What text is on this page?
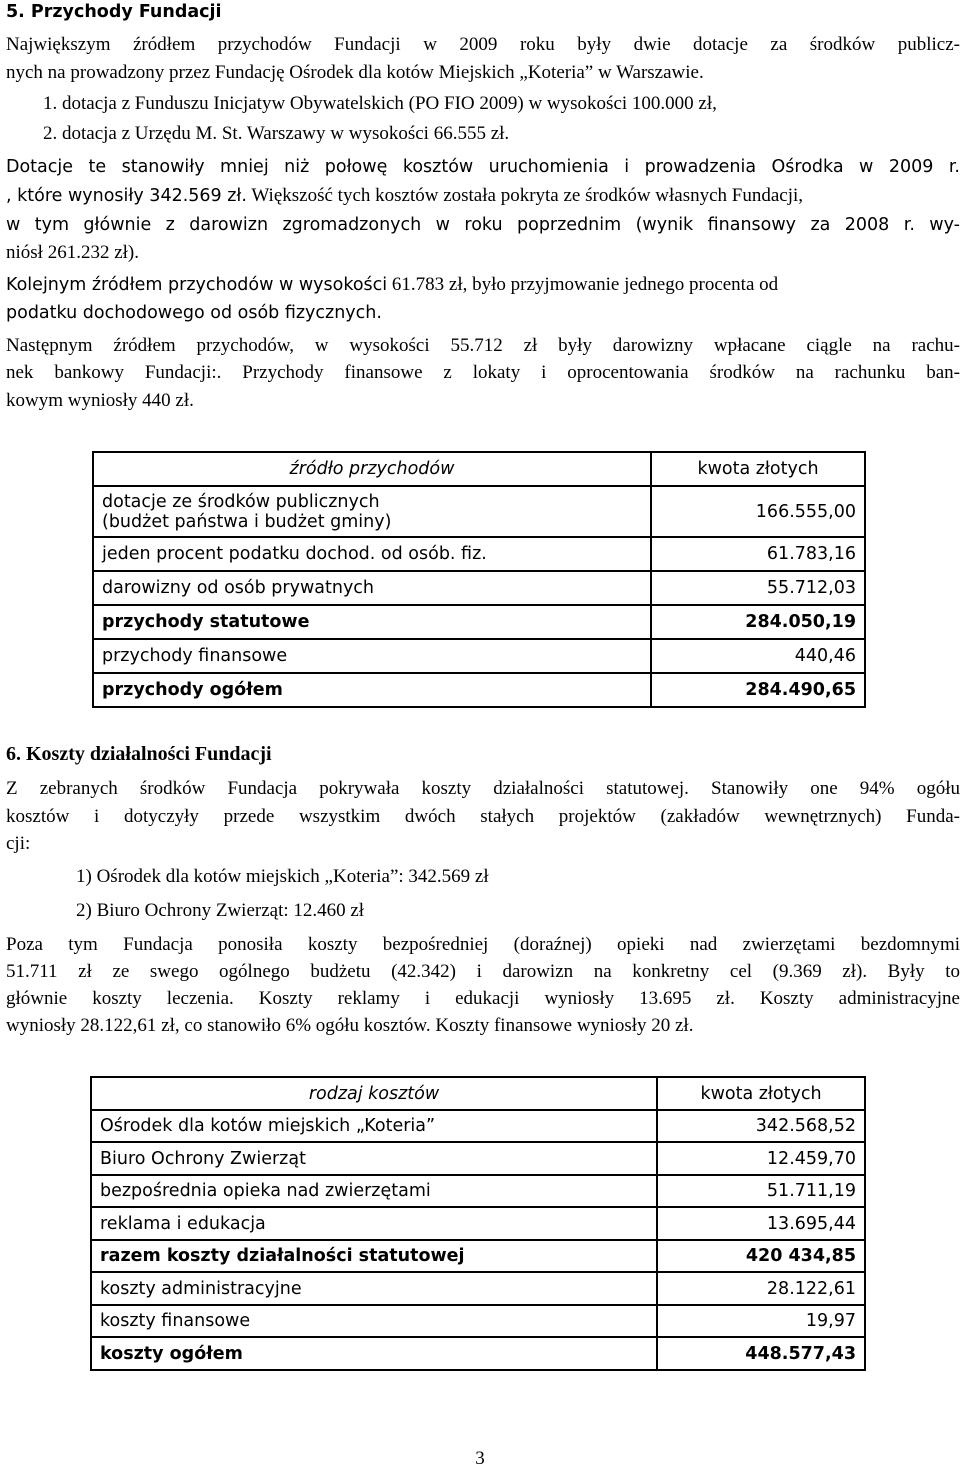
5. Przychody Fundacji
Największym źródłem przychodów Fundacji w 2009 roku były dwie dotacje za środków publicz-
nych na prowadzony przez Fundację Ośrodek dla kotów Miejskich „Koteria” w Warszawie.
1. dotacja z Funduszu Inicjatyw Obywatelskich (PO FIO 2009) w wysokości 100.000 zł,
2. dotacja z Urzędu M. St. Warszawy w wysokości 66.555 zł.
Dotacje te stanowiły mniej niż połowę kosztów uruchomienia i prowadzenia Ośrodka w 2009 r.
, które wynosiły 342.569 zł. Większość tych kosztów została pokryta ze środków własnych Fundacji,
w tym głównie z darowizn zgromadzonych w roku poprzednim (wynik finansowy za 2008 r. wy-
niósł 261.232 zł).
Kolejnym źródłem przychodów w wysokości 61.783 zł, było przyjmowanie jednego procenta od
podatku dochodowego od osób fizycznych.
Następnym źródłem przychodów, w wysokości 55.712 zł były darowizny wpłacane ciągle na rachu-
nek bankowy Fundacji:. Przychody finansowe z lokaty i oprocentowania środków na rachunku ban-
kowym wyniosły 440 zł.
źródło przychodów	kwota złotych

dotacje ze środków publicznych
(budżet państwa i budżet gminy)	166.555,00
jeden procent podatku dochod. od osób. fiz.	61.783,16
darowizny od osób prywatnych	55.712,03
przychody statutowe	284.050,19
przychody finansowe	440,46
przychody ogółem	284.490,65
6. Koszty działalności Fundacji
Z zebranych środków Fundacja pokrywała koszty działalności statutowej. Stanowiły one 94% ogółu
kosztów i dotyczyły przede wszystkim dwóch stałych projektów (zakładów wewnętrznych) Funda-
cji:
1) Ośrodek dla kotów miejskich „Koteria”: 342.569 zł
2) Biuro Ochrony Zwierząt: 12.460 zł
Poza tym Fundacja ponosiła koszty bezpośredniej (doraźnej) opieki nad zwierzętami bezdomnymi
51.711 zł ze swego ogólnego budżetu (42.342) i darowizn na konkretny cel (9.369 zł). Były to
głównie koszty leczenia. Koszty reklamy i edukacji wyniosły 13.695 zł. Koszty administracyjne
wyniosły 28.122,61 zł, co stanowiło 6% ogółu kosztów. Koszty finansowe wyniosły 20 zł.
rodzaj kosztów	kwota złotych
Ośrodek dla kotów miejskich „Koteria”	342.568,52
Biuro Ochrony Zwierząt	12.459,70
bezpośrednia opieka nad zwierzętami	51.711,19
reklama i edukacja	13.695,44
razem koszty działalności statutowej	420 434,85
koszty administracyjne	28.122,61
koszty finansowe	19,97
koszty ogółem	448.577,43
3
